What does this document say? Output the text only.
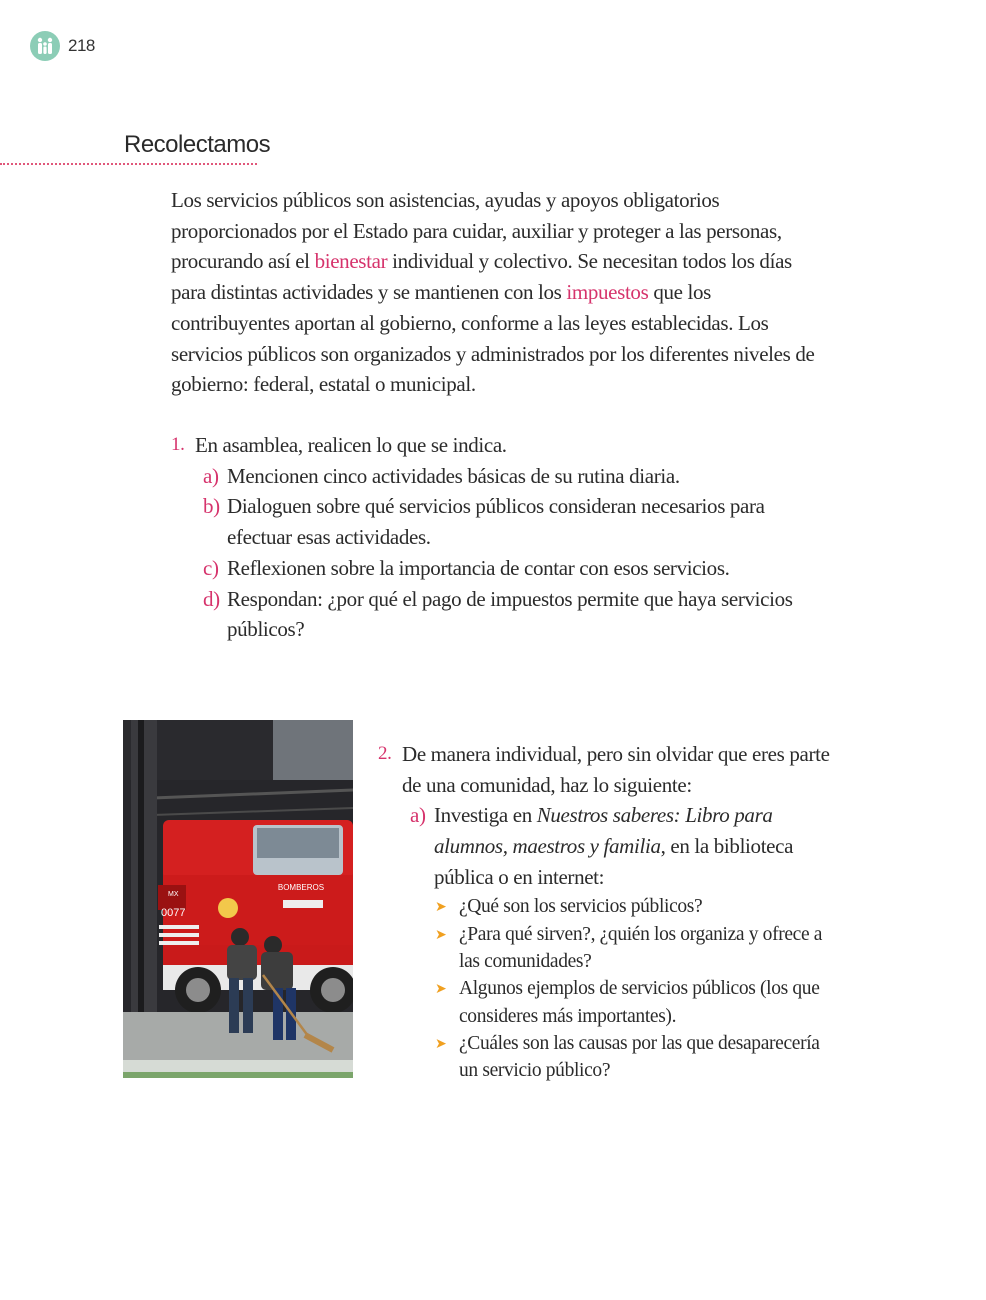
218
Recolectamos

Los servicios públicos son asistencias, ayudas y apoyos obligatorios proporcionados por el Estado para cuidar, auxiliar y proteger a las personas, procurando así el bienestar individual y colectivo. Se necesitan todos los días para distintas actividades y se mantienen con los impuestos que los contribuyentes aportan al gobierno, conforme a las leyes establecidas. Los servicios públicos son organizados y administrados por los diferentes niveles de gobierno: federal, estatal o municipal.

1. En asamblea, realicen lo que se indica.
a) Mencionen cinco actividades básicas de su rutina diaria.
b) Dialoguen sobre qué servicios públicos consideran necesarios para efectuar esas actividades.
c) Reflexionen sobre la importancia de contar con esos servicios.
d) Respondan: ¿por qué el pago de impuestos permite que haya servicios públicos?
BOMBEROS
MX
0077
2. De manera individual, pero sin olvidar que eres parte de una comunidad, haz lo siguiente:
a) Investiga en Nuestros saberes: Libro para alumnos, maestros y familia, en la biblioteca pública o en internet:
➤ ¿Qué son los servicios públicos?
➤ ¿Para qué sirven?, ¿quién los organiza y ofrece a las comunidades?
➤ Algunos ejemplos de servicios públicos (los que consideres más importantes).
➤ ¿Cuáles son las causas por las que desaparecería un servicio público?
